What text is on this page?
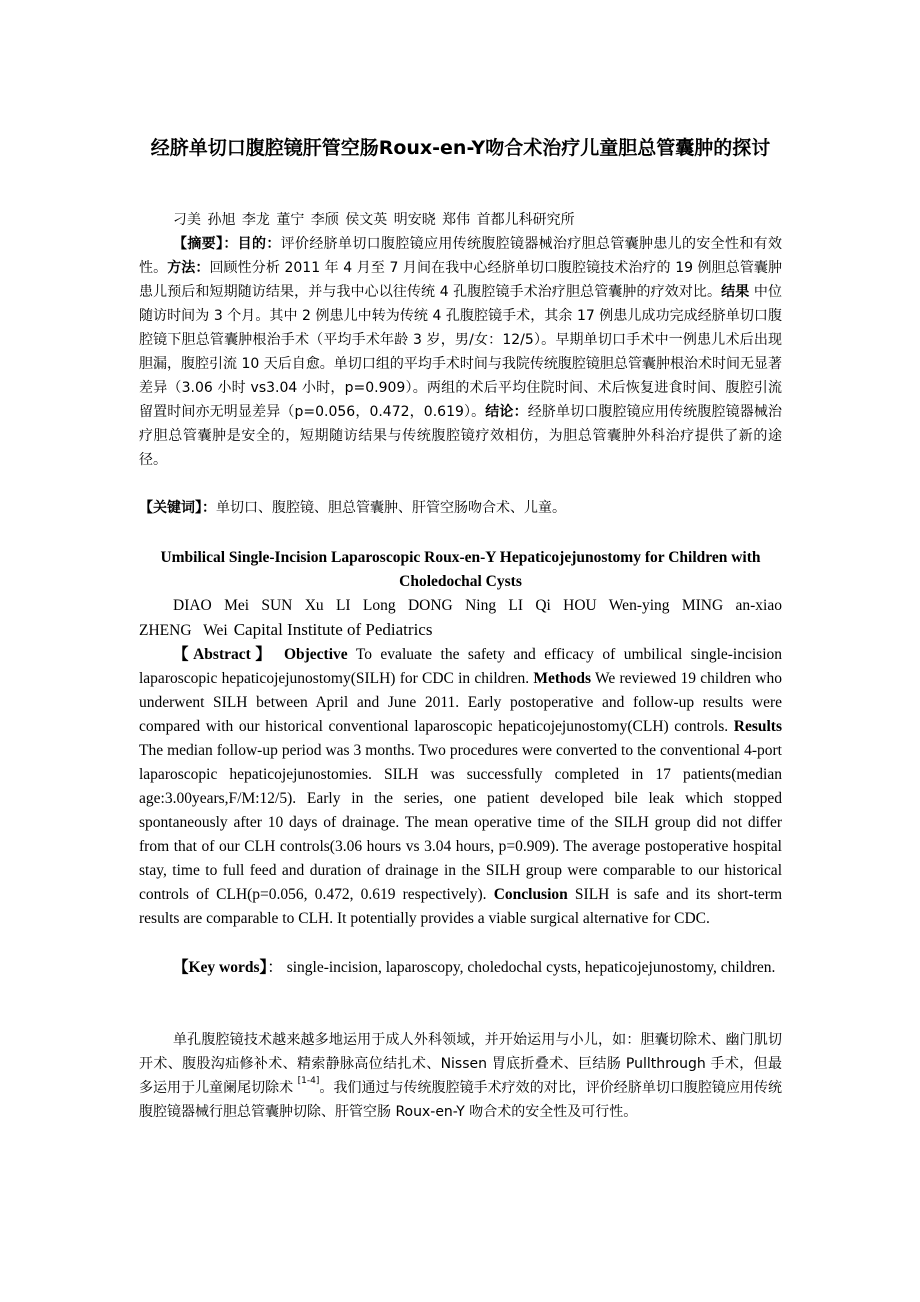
经脐单切口腹腔镜肝管空肠Roux-en-Y吻合术治疗儿童胆总管囊肿的探讨
刁美 孙旭 李龙 董宁 李颀 侯文英 明安晓 郑伟 首都儿科研究所
【摘要】：目的：评价经脐单切口腹腔镜应用传统腹腔镜器械治疗胆总管囊肿患儿的安全性和有效性。方法：回顾性分析 2011 年 4 月至 7 月间在我中心经脐单切口腹腔镜技术治疗的 19 例胆总管囊肿患儿预后和短期随访结果，并与我中心以往传统 4 孔腹腔镜手术治疗胆总管囊肿的疗效对比。结果 中位随访时间为 3 个月。其中 2 例患儿中转为传统 4 孔腹腔镜手术，其余 17 例患儿成功完成经脐单切口腹腔镜下胆总管囊肿根治手术（平均手术年龄 3 岁，男/女：12/5）。早期单切口手术中一例患儿术后出现胆漏，腹腔引流 10 天后自愈。单切口组的平均手术时间与我院传统腹腔镜胆总管囊肿根治术时间无显著差异（3.06 小时 vs3.04 小时，p=0.909）。两组的术后平均住院时间、术后恢复进食时间、腹腔引流留置时间亦无明显差异（p=0.056，0.472，0.619）。结论：经脐单切口腹腔镜应用传统腹腔镜器械治疗胆总管囊肿是安全的，短期随访结果与传统腹腔镜疗效相仿，为胆总管囊肿外科治疗提供了新的途径。
【关键词】：单切口、腹腔镜、胆总管囊肿、肝管空肠吻合术、儿童。
Umbilical Single-Incision Laparoscopic Roux-en-Y Hepaticojejunostomy for Children with Choledochal Cysts
DIAO Mei SUN Xu LI Long DONG Ning LI Qi HOU Wen-ying MING an-xiao ZHENG Wei Capital Institute of Pediatrics
【Abstract】 Objective To evaluate the safety and efficacy of umbilical single-incision laparoscopic hepaticojejunostomy(SILH) for CDC in children. Methods We reviewed 19 children who underwent SILH between April and June 2011. Early postoperative and follow-up results were compared with our historical conventional laparoscopic hepaticojejunostomy(CLH) controls. Results The median follow-up period was 3 months. Two procedures were converted to the conventional 4-port laparoscopic hepaticojejunostomies. SILH was successfully completed in 17 patients(median age:3.00years,F/M:12/5). Early in the series, one patient developed bile leak which stopped spontaneously after 10 days of drainage. The mean operative time of the SILH group did not differ from that of our CLH controls(3.06 hours vs 3.04 hours, p=0.909). The average postoperative hospital stay, time to full feed and duration of drainage in the SILH group were comparable to our historical controls of CLH(p=0.056, 0.472, 0.619 respectively). Conclusion SILH is safe and its short-term results are comparable to CLH. It potentially provides a viable surgical alternative for CDC.
【Key words】： single-incision, laparoscopy, choledochal cysts, hepaticojejunostomy, children.
单孔腹腔镜技术越来越多地运用于成人外科领域，并开始运用与小儿，如：胆囊切除术、幽门肌切开术、腹股沟疝修补术、精索静脉高位结扎术、Nissen 胃底折叠术、巨结肠 Pullthrough 手术，但最多运用于儿童阑尾切除术 [1-4]。我们通过与传统腹腔镜手术疗效的对比，评价经脐单切口腹腔镜应用传统腹腔镜器械行胆总管囊肿切除、肝管空肠 Roux-en-Y 吻合术的安全性及可行性。
